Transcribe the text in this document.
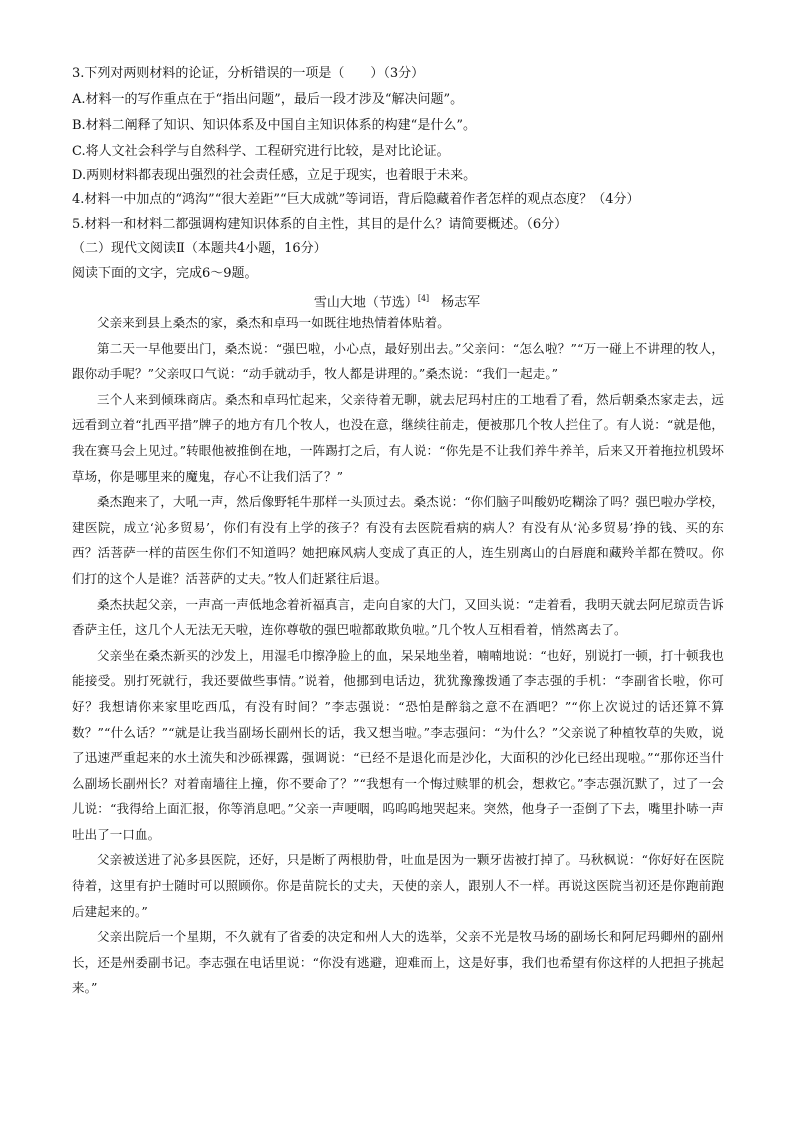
3.下列对两则材料的论证，分析错误的一项是（　　）（3分）
A.材料一的写作重点在于“指出问题”，最后一段才涉及“解决问题”。
B.材料二阐释了知识、知识体系及中国自主知识体系的构建“是什么”。
C.将人文社会科学与自然科学、工程研究进行比较，是对比论证。
D.两则材料都表现出强烈的社会责任感，立足于现实，也着眼于未来。
4.材料一中加点的“鸿沟”“很大差距”“巨大成就”等词语，背后隐藏着作者怎样的观点态度？（4分）
5.材料一和材料二都强调构建知识体系的自主性，其目的是什么？请简要概述。（6分）
（二）现代文阅读Ⅱ（本题共4小题，16分）
阅读下面的文字，完成6～9题。
雪山大地（节选）[4] 杨志军

父亲来到县上桑杰的家，桑杰和卓玛一如既往地热情着体贴着。

第二天一早他要出门，桑杰说：“强巴啦，小心点，最好别出去。”父亲问：“怎么啦？”“万一碰上不讲理的牧人，跟你动手呢？”父亲叹口气说：“动手就动手，牧人都是讲理的。”桑杰说：“我们一起走。”

三个人来到倾珠商店。桑杰和卓玛忙起来，父亲待着无聊，就去尼玛村庄的工地看了看，然后朝桑杰家走去，远远看到立着“扎西平措”牌子的地方有几个牧人，也没在意，继续往前走，便被那几个牧人拦住了。有人说：“就是他，我在赛马会上见过。”转眼他被推倒在地，一阵踢打之后，有人说：“你先是不让我们养牛养羊，后来又开着拖拉机毁坏草场，你是哪里来的魔鬼，存心不让我们活了？”

桑杰跑来了，大吼一声，然后像野牦牛那样一头顶过去。桑杰说：“你们脑子叫酸奶吃糊涂了吗？强巴啦办学校，建医院，成立‘沁多贸易’，你们有没有上学的孩子？有没有去医院看病的病人？有没有从‘沁多贸易’挣的钱、买的东西？活菩萨一样的苗医生你们不知道吗？她把麻风病人变成了真正的人，连生别离山的白唇鹿和藏羚羊都在赞叹。你们打的这个人是谁？活菩萨的丈夫。”牧人们赶紧往后退。

桑杰扶起父亲，一声高一声低地念着祈福真言，走向自家的大门，又回头说：“走着看，我明天就去阿尼琼贡告诉香萨主任，这几个人无法无天啦，连你尊敬的强巴啦都敢欺负啦。”几个牧人互相看着，悄然离去了。

父亲坐在桑杰新买的沙发上，用湿毛巾擦净脸上的血，呆呆地坐着，喃喃地说：“也好，别说打一顿，打十顿我也能接受。别打死就行，我还要做些事情。”说着，他挪到电话边，犹犹豫豫拨通了李志强的手机：“李副省长啦，你可好？我想请你来家里吃西瓜，有没有时间？”李志强说：“恐怕是醉翁之意不在酒吧？”“你上次说过的话还算不算数？”“什么话？”“就是让我当副场长副州长的话，我又想当啦。”李志强问：“为什么？”父亲说了种植牧草的失败，说了迅速严重起来的水土流失和沙砾裸露，强调说：“已经不是退化而是沙化，大面积的沙化已经出现啦。”“那你还当什么副场长副州长？对着南墙往上撞，你不要命了？”“我想有一个悔过赎罪的机会，想救它。”李志强沉默了，过了一会儿说：“我得给上面汇报，你等消息吧。”父亲一声哽咽，呜呜呜地哭起来。突然，他身子一歪倒了下去，嘴里扑哧一声吐出了一口血。

父亲被送进了沁多县医院，还好，只是断了两根肋骨，吐血是因为一颗牙齿被打掉了。马秋枫说：“你好好在医院待着，这里有护士随时可以照顾你。你是苗院长的丈夫，天使的亲人，跟别人不一样。再说这医院当初还是你跑前跑后建起来的。”

父亲出院后一个星期，不久就有了省委的决定和州人大的选举，父亲不光是牧马场的副场长和阿尼玛卿州的副州长，还是州委副书记。李志强在电话里说：“你没有逃避，迎难而上，这是好事，我们也希望有你这样的人把担子挑起来。”
